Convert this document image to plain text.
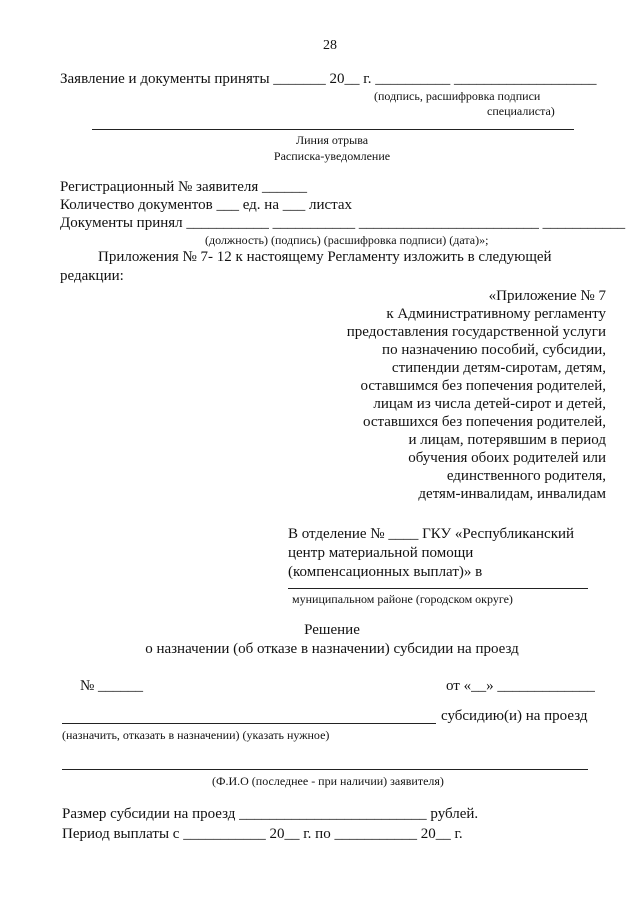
28
Заявление и документы приняты _______ 20__ г. __________ ___________________
(подпись, расшифровка подписи
специалиста)
Линия отрыва
Расписка-уведомление
Регистрационный № заявителя ______
Количество документов ___ ед. на ___ листах
Документы принял ___________ ___________ ________________________ ___________
(должность) (подпись) (расшифровка подписи) (дата)»;
Приложения № 7- 12 к настоящему Регламенту изложить в следующей
редакции:
«Приложение № 7
к Административному регламенту
предоставления государственной услуги
по назначению пособий, субсидии,
стипендии детям-сиротам, детям,
оставшимся без попечения родителей,
лицам из числа детей-сирот и детей,
оставшихся без попечения родителей,
и лицам, потерявшим в период
обучения обоих родителей или
единственного родителя,
детям-инвалидам, инвалидам
В отделение № ____ ГКУ «Республиканский
центр материальной помощи
(компенсационных выплат)» в
муниципальном районе (городском округе)
Решение
о назначении (об отказе в назначении) субсидии на проезд
№ ______	от «__» _____________
субсидию(и) на проезд
(назначить, отказать в назначении) (указать нужное)
(Ф.И.О (последнее - при наличии) заявителя)
Размер субсидии на проезд _________________________ рублей.
Период выплаты с ___________ 20__ г. по ___________ 20__ г.
